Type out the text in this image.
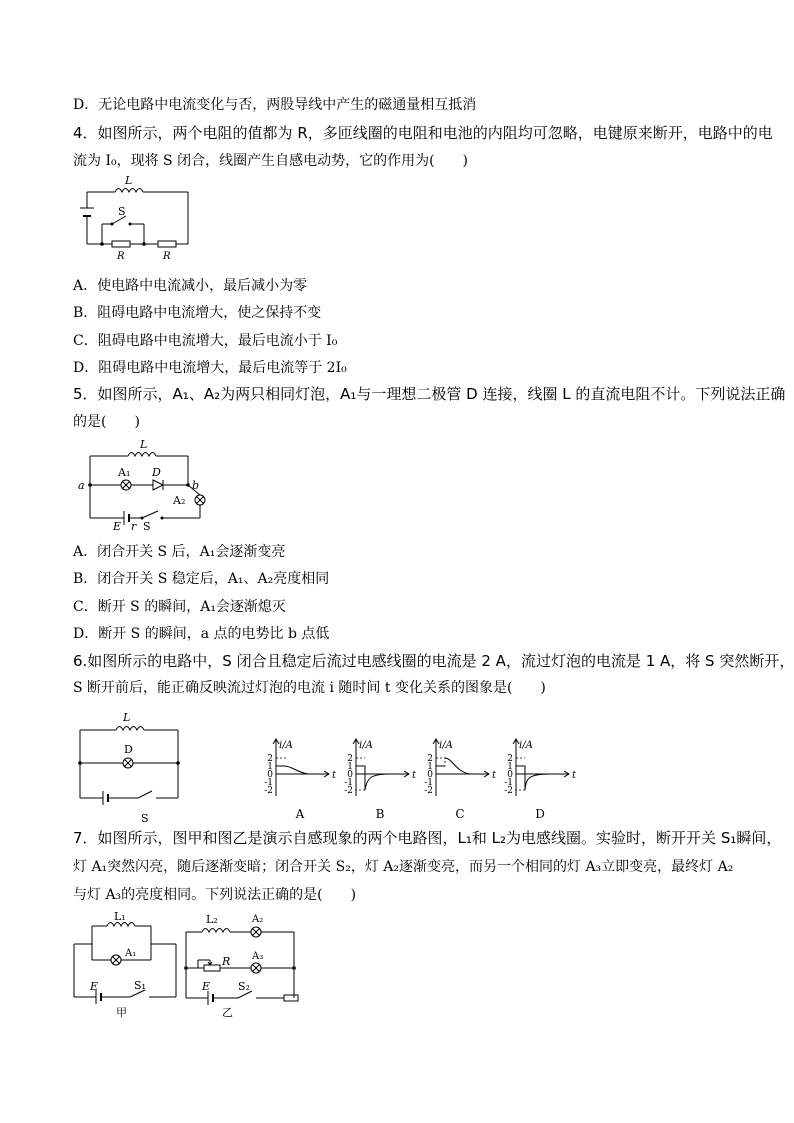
D．无论电路中电流变化与否，两股导线中产生的磁通量相互抵消
4．如图所示，两个电阻的值都为 R，多匝线圈的电阻和电池的内阻均可忽略，电键原来断开，电路中的电
流为 I₀，现将 S 闭合，线圈产生自感电动势，它的作用为(　　)
L
S
R	R
A．使电路中电流减小，最后减小为零
B．阻碍电路中电流增大，使之保持不变
C．阻碍电路中电流增大，最后电流小于 I₀
D．阻碍电路中电流增大，最后电流等于 2I₀
5．如图所示，A₁、A₂为两只相同灯泡，A₁与一理想二极管 D 连接，线圈 L 的直流电阻不计。下列说法正确
的是(　　)
L
A₁ D
a	b
A₂
E r S
A．闭合开关 S 后，A₁会逐渐变亮
B．闭合开关 S 稳定后，A₁、A₂亮度相同
C．断开 S 的瞬间，A₁会逐渐熄灭
D．断开 S 的瞬间，a 点的电势比 b 点低
6.如图所示的电路中，S 闭合且稳定后流过电感线圈的电流是 2 A，流过灯泡的电流是 1 A，将 S 突然断开，
S 断开前后，能正确反映流过灯泡的电流 i 随时间 t 变化关系的图象是(　　)
L
D
S
i/A
t
2
1
0
-1
-2
A
i/A
t
2
1
0
-1
-2
B
i/A
t
2
1
0
-1
-2
C
i/A
t
2
1
0
-1
-2
D
7．如图所示，图甲和图乙是演示自感现象的两个电路图，L₁和 L₂为电感线圈。实验时，断开开关 S₁瞬间，
灯 A₁突然闪亮，随后逐渐变暗；闭合开关 S₂，灯 A₂逐渐变亮，而另一个相同的灯 A₃立即变亮，最终灯 A₂
与灯 A₃的亮度相同。下列说法正确的是(　　)
L₁
A₁
E	S₁
甲
L₂	A₂
R A₃
E	S₂
乙
